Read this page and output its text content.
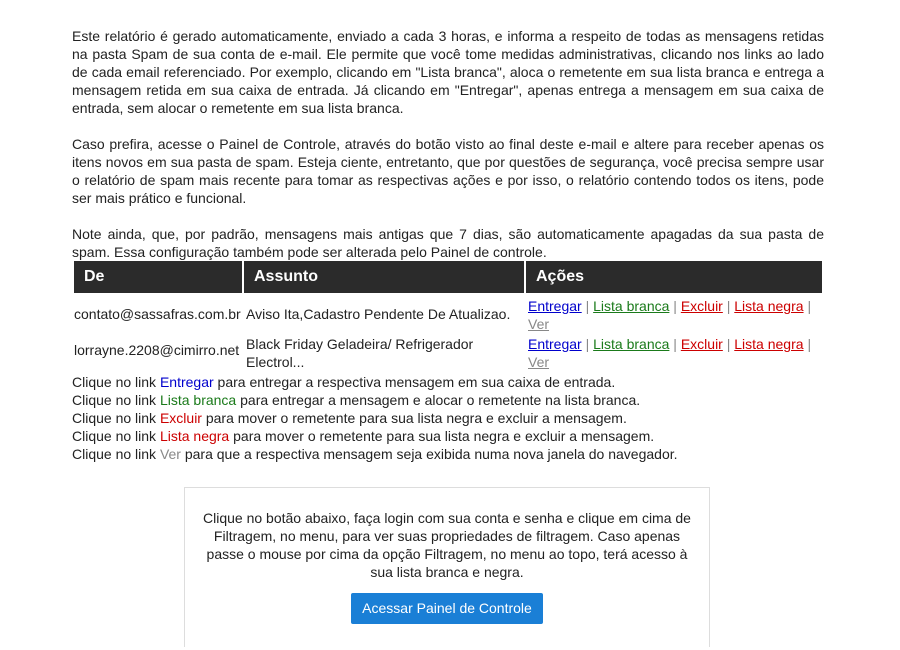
Este relatório é gerado automaticamente, enviado a cada 3 horas, e informa a respeito de todas as mensagens retidas na pasta Spam de sua conta de e-mail. Ele permite que você tome medidas administrativas, clicando nos links ao lado de cada email referenciado. Por exemplo, clicando em "Lista branca", aloca o remetente em sua lista branca e entrega a mensagem retida em sua caixa de entrada. Já clicando em "Entregar", apenas entrega a mensagem em sua caixa de entrada, sem alocar o remetente em sua lista branca.

Caso prefira, acesse o Painel de Controle, através do botão visto ao final deste e-mail e altere para receber apenas os itens novos em sua pasta de spam. Esteja ciente, entretanto, que por questões de segurança, você precisa sempre usar o relatório de spam mais recente para tomar as respectivas ações e por isso, o relatório contendo todos os itens, pode ser mais prático e funcional.

Note ainda, que, por padrão, mensagens mais antigas que 7 dias, são automaticamente apagadas da sua pasta de spam. Essa configuração também pode ser alterada pelo Painel de controle.

De	Assunto	Ações
contato@sassafras.com.br	Aviso Ita,Cadastro Pendente De Atualizao.	Entregar | Lista branca | Excluir | Lista negra | Ver
lorrayne.2208@cimirro.net	Black Friday Geladeira/ Refrigerador Electrol...	Entregar | Lista branca | Excluir | Lista negra | Ver
Clique no link Entregar para entregar a respectiva mensagem em sua caixa de entrada.
Clique no link Lista branca para entregar a mensagem e alocar o remetente na lista branca.
Clique no link Excluir para mover o remetente para sua lista negra e excluir a mensagem.
Clique no link Lista negra para mover o remetente para sua lista negra e excluir a mensagem.
Clique no link Ver para que a respectiva mensagem seja exibida numa nova janela do navegador.

Clique no botão abaixo, faça login com sua conta e senha e clique em cima de Filtragem, no menu, para ver suas propriedades de filtragem. Caso apenas passe o mouse por cima da opção Filtragem, no menu ao topo, terá acesso à sua lista branca e negra.

Acessar Painel de Controle
